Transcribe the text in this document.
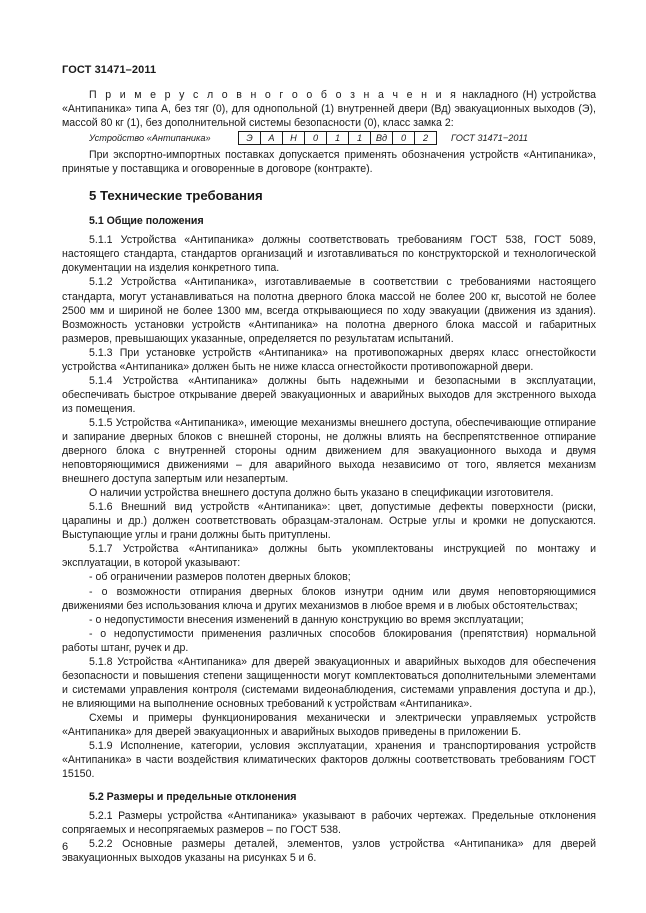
ГОСТ 31471–2011

П р и м е р у с л о в н о г о о б о з н а ч е н и я накладного (Н) устройства «Антипаника» типа А, без тяг (0), для однопольной (1) внутренней двери (Вд) эвакуационных выходов (Э), массой 80 кг (1), без дополнительной системы безопасности (0), класс замка 2:

Устройство «Антипаника»	Э	А	Н	0	1	1	Вд	0	2	ГОСТ 31471−2011

При экспортно-импортных поставках допускается применять обозначения устройств «Антипаника», принятые у поставщика и оговоренные в договоре (контракте).

5 Технические требования
5.1 Общие положения

5.1.1 Устройства «Антипаника» должны соответствовать требованиям ГОСТ 538, ГОСТ 5089, настоящего стандарта, стандартов организаций и изготавливаться по конструкторской и технологической документации на изделия конкретного типа.

5.1.2 Устройства «Антипаника», изготавливаемые в соответствии с требованиями настоящего стандарта, могут устанавливаться на полотна дверного блока массой не более 200 кг, высотой не более 2500 мм и шириной не более 1300 мм, всегда открывающиеся по ходу эвакуации (движения из здания). Возможность установки устройств «Антипаника» на полотна дверного блока массой и габаритных размеров, превышающих указанные, определяется по результатам испытаний.

5.1.3 При установке устройств «Антипаника» на противопожарных дверях класс огнестойкости устройства «Антипаника» должен быть не ниже класса огнестойкости противопожарной двери.

5.1.4 Устройства «Антипаника» должны быть надежными и безопасными в эксплуатации, обеспечивать быстрое открывание дверей эвакуационных и аварийных выходов для экстренного выхода из помещения.

5.1.5 Устройства «Антипаника», имеющие механизмы внешнего доступа, обеспечивающие отпирание и запирание дверных блоков с внешней стороны, не должны влиять на беспрепятственное отпирание дверного блока с внутренней стороны одним движением для эвакуационного выхода и двумя неповторяющимися движениями – для аварийного выхода независимо от того, является механизм внешнего доступа запертым или незапертым.

О наличии устройства внешнего доступа должно быть указано в спецификации изготовителя.

5.1.6 Внешний вид устройств «Антипаника»: цвет, допустимые дефекты поверхности (риски, царапины и др.) должен соответствовать образцам-эталонам. Острые углы и кромки не допускаются. Выступающие углы и грани должны быть притуплены.

5.1.7 Устройства «Антипаника» должны быть укомплектованы инструкцией по монтажу и эксплуатации, в которой указывают:

- об ограничении размеров полотен дверных блоков;

- о возможности отпирания дверных блоков изнутри одним или двумя неповторяющимися движениями без использования ключа и других механизмов в любое время и в любых обстоятельствах;

- о недопустимости внесения изменений в данную конструкцию во время эксплуатации;

- о недопустимости применения различных способов блокирования (препятствия) нормальной работы штанг, ручек и др.

5.1.8 Устройства «Антипаника» для дверей эвакуационных и аварийных выходов для обеспечения безопасности и повышения степени защищенности могут комплектоваться дополнительными элементами и системами управления контроля (системами видеонаблюдения, системами управления доступа и др.), не влияющими на выполнение основных требований к устройствам «Антипаника».

Схемы и примеры функционирования механически и электрически управляемых устройств «Антипаника» для дверей эвакуационных и аварийных выходов приведены в приложении Б.

5.1.9 Исполнение, категории, условия эксплуатации, хранения и транспортирования устройств «Антипаника» в части воздействия климатических факторов должны соответствовать требованиям ГОСТ 15150.

5.2 Размеры и предельные отклонения

5.2.1 Размеры устройства «Антипаника» указывают в рабочих чертежах. Предельные отклонения сопрягаемых и несопрягаемых размеров – по ГОСТ 538.

5.2.2 Основные размеры деталей, элементов, узлов устройства «Антипаника» для дверей эвакуационных выходов указаны на рисунках 5 и 6.

6
